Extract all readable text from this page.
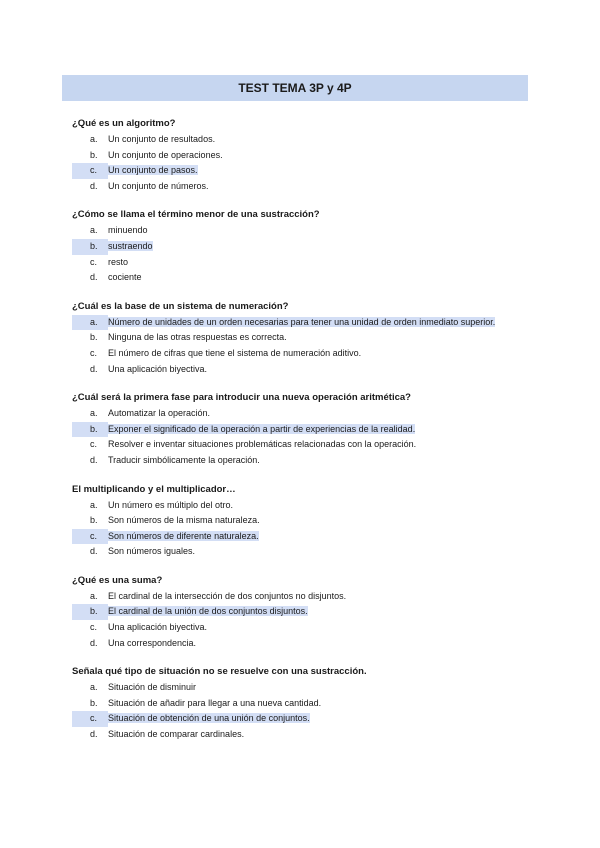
TEST TEMA 3P y 4P
¿Qué es un algoritmo?
a.	Un conjunto de resultados.
b.	Un conjunto de operaciones.
c.	Un conjunto de pasos.
d.	Un conjunto de números.
¿Cómo se llama el término menor de una sustracción?
a.	minuendo
b.	sustraendo
c.	resto
d.	cociente
¿Cuál es la base de un sistema de numeración?
a.	Número de unidades de un orden necesarias para tener una unidad de orden inmediato superior.
b.	Ninguna de las otras respuestas es correcta.
c.	El número de cifras que tiene el sistema de numeración aditivo.
d.	Una aplicación biyectiva.
¿Cuál será la primera fase para introducir una nueva operación aritmética?
a.	Automatizar la operación.
b.	Exponer el significado de la operación a partir de experiencias de la realidad.
c.	Resolver e inventar situaciones problemáticas relacionadas con la operación.
d.	Traducir simbólicamente la operación.
El multiplicando y el multiplicador…
a.	Un número es múltiplo del otro.
b.	Son números de la misma naturaleza.
c.	Son números de diferente naturaleza.
d.	Son números iguales.
¿Qué es una suma?
a.	El cardinal de la intersección de dos conjuntos no disjuntos.
b.	El cardinal de la unión de dos conjuntos disjuntos.
c.	Una aplicación biyectiva.
d.	Una correspondencia.
Señala qué tipo de situación no se resuelve con una sustracción.
a.	Situación de disminuir
b.	Situación de añadir para llegar a una nueva cantidad.
c.	Situación de obtención de una unión de conjuntos.
d.	Situación de comparar cardinales.
